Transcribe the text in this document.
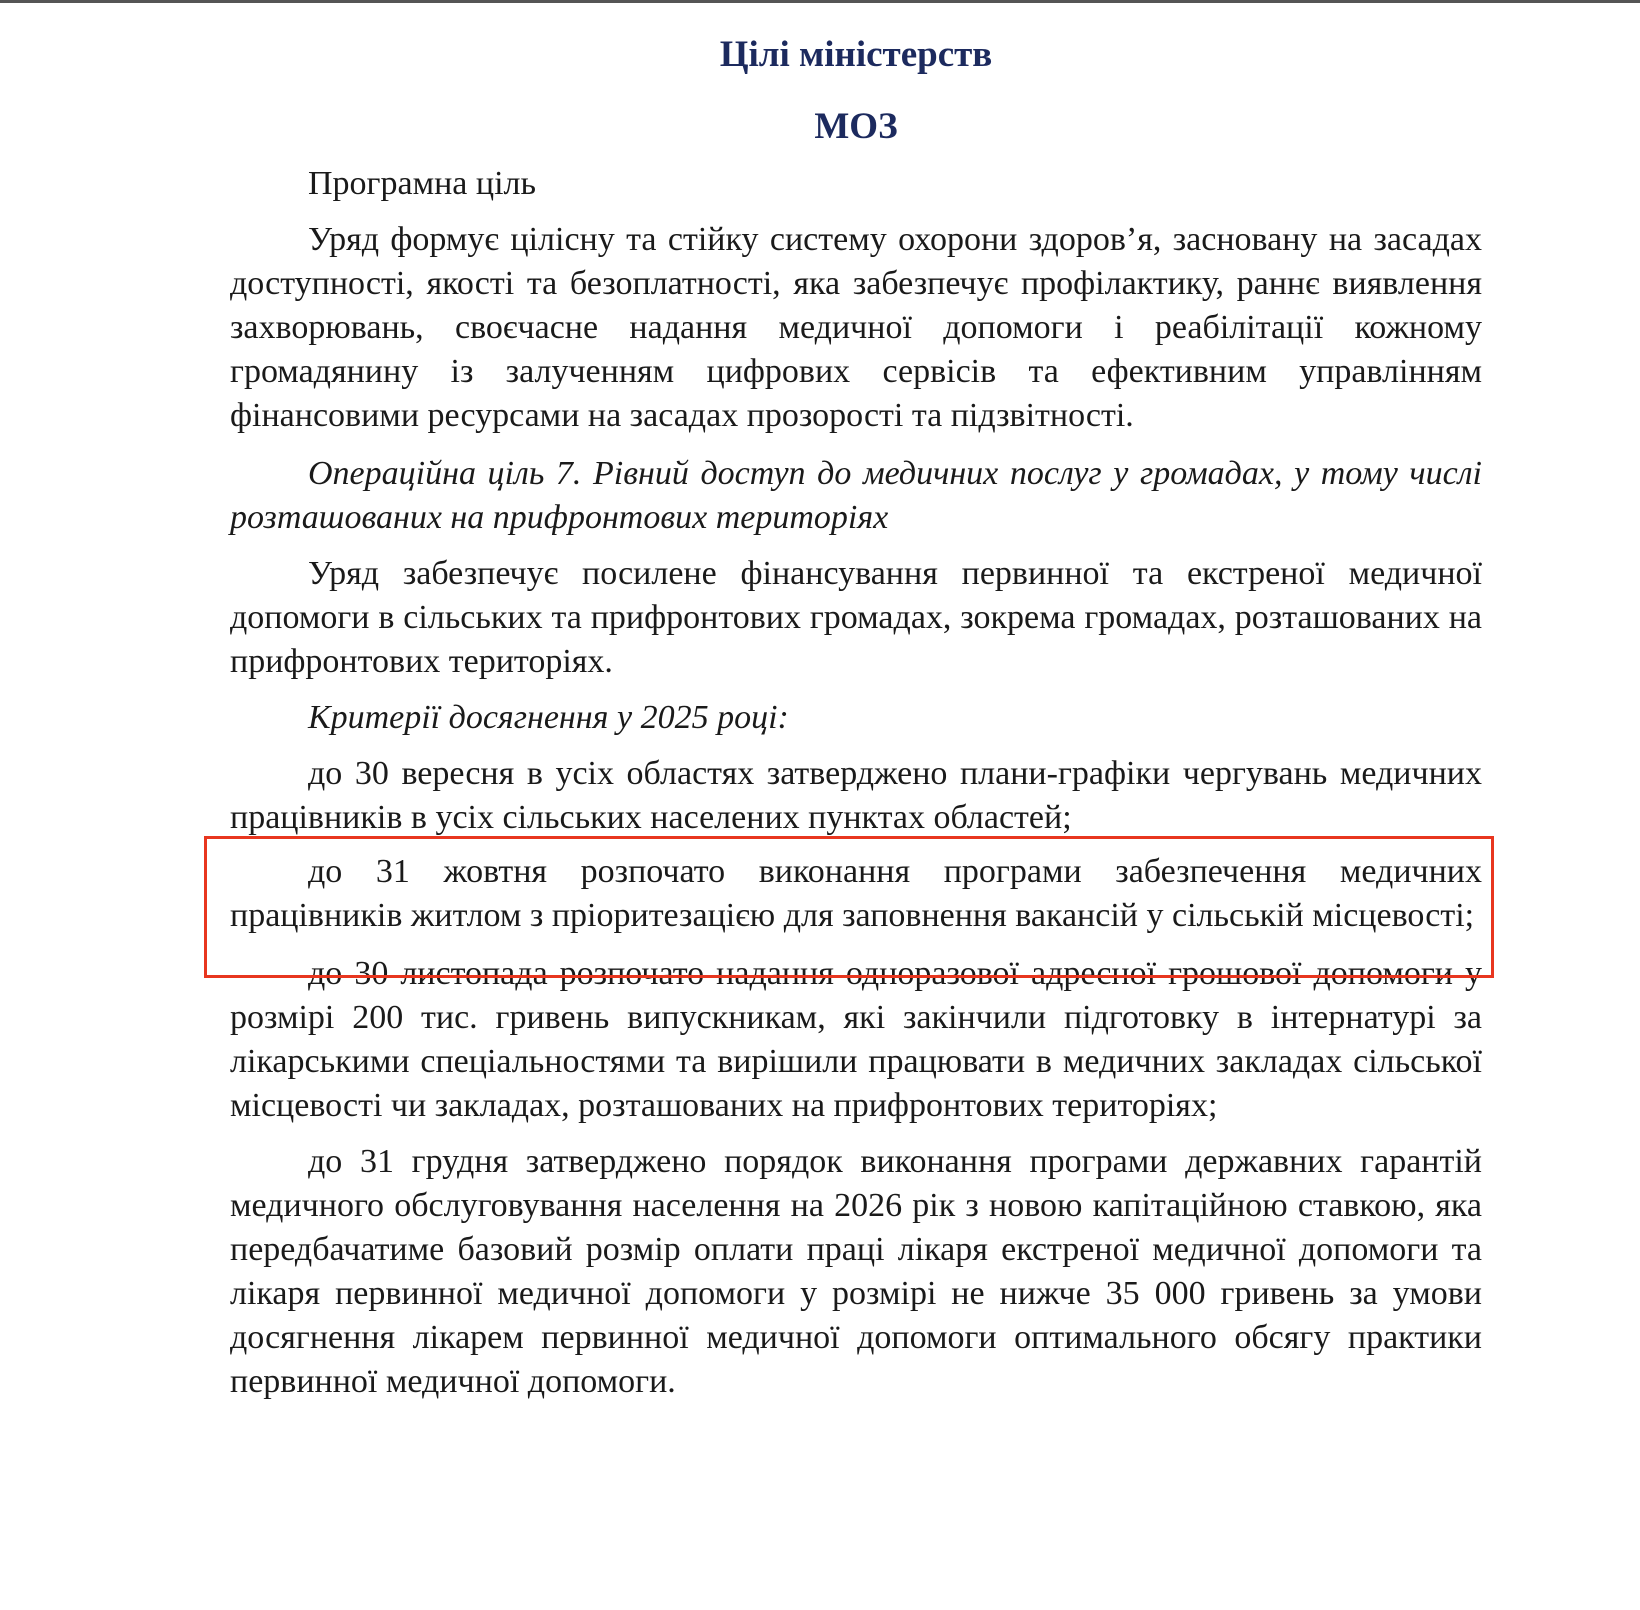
Цілі міністерств
МОЗ

Програмна ціль

Уряд формує цілісну та стійку систему охорони здоров’я, засновану на засадах доступності, якості та безоплатності, яка забезпечує профілактику, раннє виявлення захворювань, своєчасне надання медичної допомоги і реабілітації кожному громадянину із залученням цифрових сервісів та ефективним управлінням фінансовими ресурсами на засадах прозорості та підзвітності.

Операційна ціль 7. Рівний доступ до медичних послуг у громадах, у тому числі розташованих на прифронтових територіях

Уряд забезпечує посилене фінансування первинної та екстреної медичної допомоги в сільських та прифронтових громадах, зокрема громадах, розташованих на прифронтових територіях.

Критерії досягнення у 2025 році:

до 30 вересня в усіх областях затверджено плани-графіки чергувань медичних працівників в усіх сільських населених пунктах областей;

до 31 жовтня розпочато виконання програми забезпечення медичних працівників житлом з пріоритезацією для заповнення вакансій у сільській місцевості;

до 30 листопада розпочато надання одноразової адресної грошової допомоги у розмірі 200 тис. гривень випускникам, які закінчили підготовку в інтернатурі за лікарськими спеціальностями та вирішили працювати в медичних закладах сільської місцевості чи закладах, розташованих на прифронтових територіях;

до 31 грудня затверджено порядок виконання програми державних гарантій медичного обслуговування населення на 2026 рік з новою капітаційною ставкою, яка передбачатиме базовий розмір оплати праці лікаря екстреної медичної допомоги та лікаря первинної медичної допомоги у розмірі не нижче 35 000 гривень за умови досягнення лікарем первинної медичної допомоги оптимального обсягу практики первинної медичної допомоги.
